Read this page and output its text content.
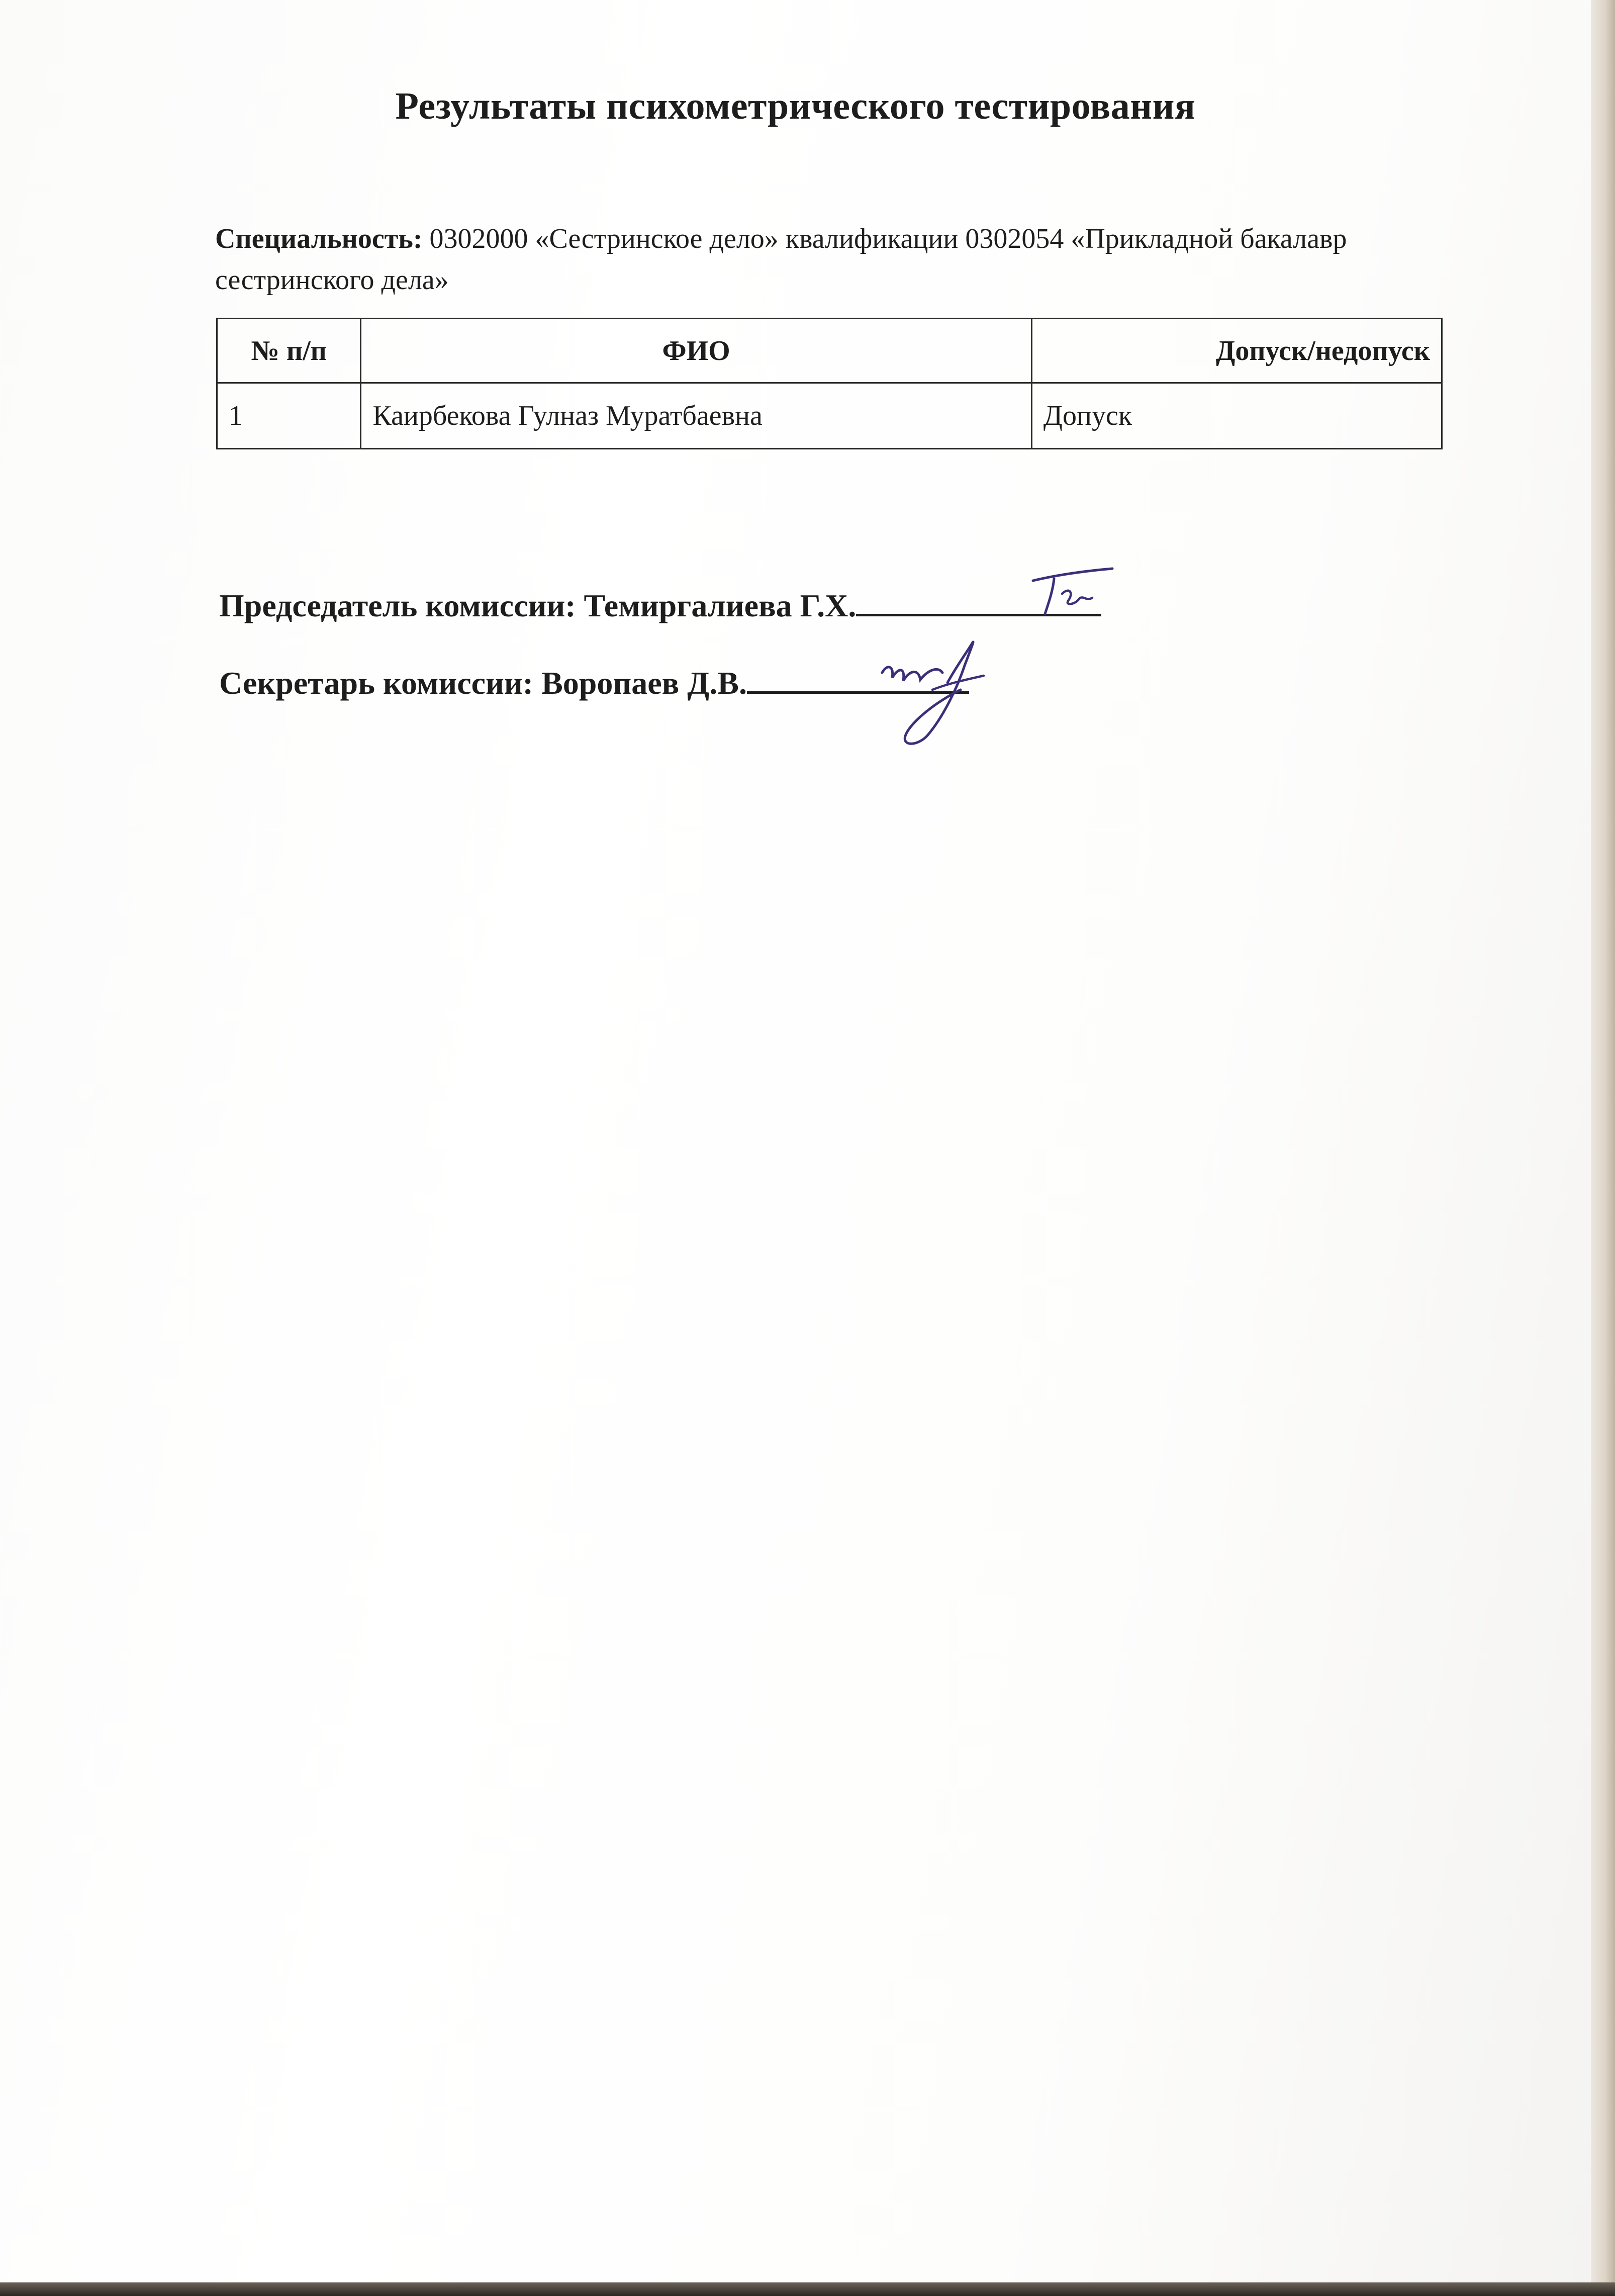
Результаты психометрического тестирования
Специальность: 0302000 «Сестринское дело» квалификации 0302054 «Прикладной бакалавр сестринского дела»
№ п/п	ФИО	Допуск/недопуск
1	Каирбекова Гулназ Муратбаевна	Допуск
Председатель комиссии: Темиргалиева Г.Х.
Секретарь комиссии: Воропаев Д.В.
